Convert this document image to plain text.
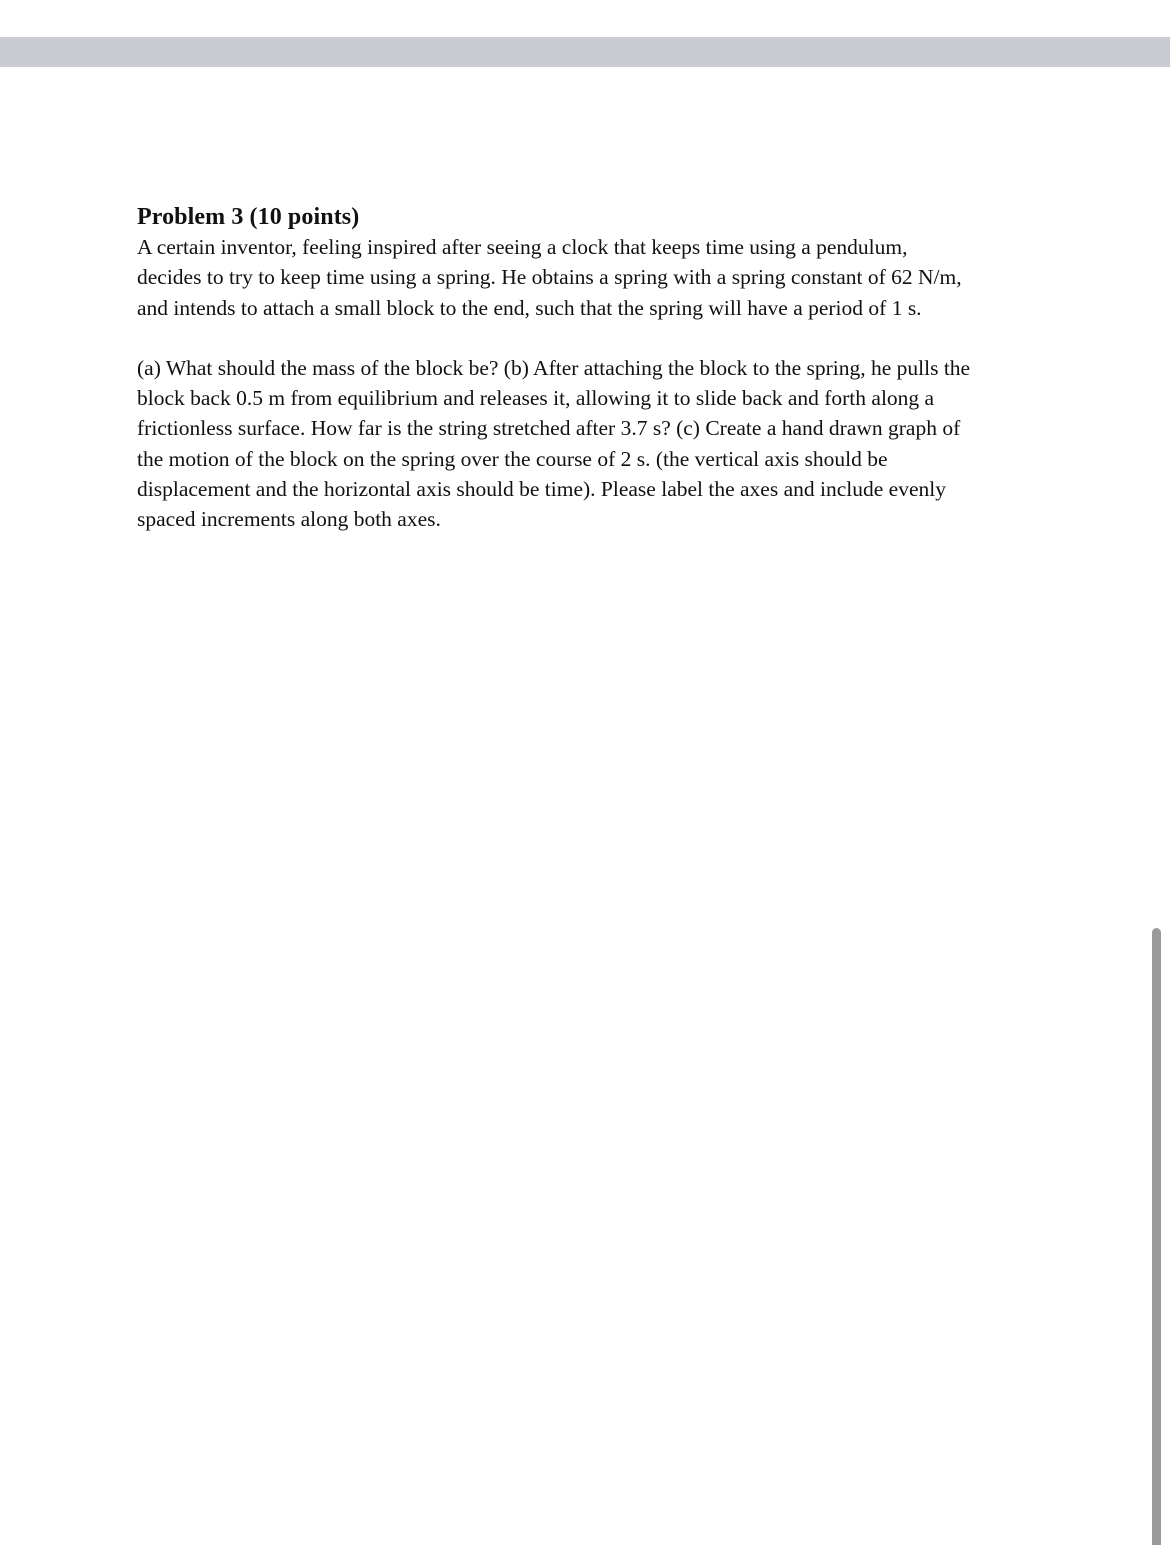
Problem 3 (10 points)

A certain inventor, feeling inspired after seeing a clock that keeps time using a pendulum,
decides to try to keep time using a spring. He obtains a spring with a spring constant of 62 N/m,
and intends to attach a small block to the end, such that the spring will have a period of 1 s.

(a) What should the mass of the block be? (b) After attaching the block to the spring, he pulls the
block back 0.5 m from equilibrium and releases it, allowing it to slide back and forth along a
frictionless surface. How far is the string stretched after 3.7 s? (c) Create a hand drawn graph of
the motion of the block on the spring over the course of 2 s. (the vertical axis should be
displacement and the horizontal axis should be time). Please label the axes and include evenly
spaced increments along both axes.
